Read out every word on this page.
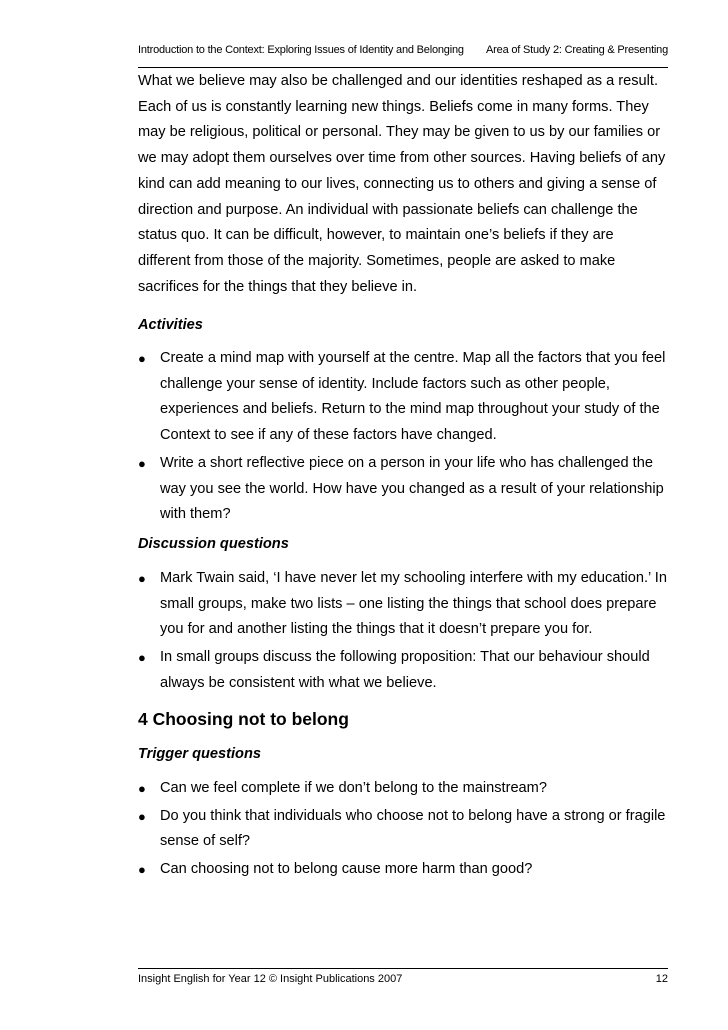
Introduction to the Context: Exploring Issues of Identity and Belonging Area of Study 2: Creating & Presenting

What we believe may also be challenged and our identities reshaped as a result. Each of us is constantly learning new things. Beliefs come in many forms. They may be religious, political or personal. They may be given to us by our families or we may adopt them ourselves over time from other sources. Having beliefs of any kind can add meaning to our lives, connecting us to others and giving a sense of direction and purpose. An individual with passionate beliefs can challenge the status quo. It can be difficult, however, to maintain one’s beliefs if they are different from those of the majority. Sometimes, people are asked to make sacrifices for the things that they believe in.

Activities
● Create a mind map with yourself at the centre. Map all the factors that you feel challenge your sense of identity. Include factors such as other people, experiences and beliefs. Return to the mind map throughout your study of the Context to see if any of these factors have changed.
● Write a short reflective piece on a person in your life who has challenged the way you see the world. How have you changed as a result of your relationship with them?
Discussion questions
● Mark Twain said, ‘I have never let my schooling interfere with my education.’ In small groups, make two lists – one listing the things that school does prepare you for and another listing the things that it doesn’t prepare you for.
● In small groups discuss the following proposition: That our behaviour should always be consistent with what we believe.
4 Choosing not to belong
Trigger questions
● Can we feel complete if we don’t belong to the mainstream?
● Do you think that individuals who choose not to belong have a strong or fragile sense of self?
● Can choosing not to belong cause more harm than good?
Insight English for Year 12 © Insight Publications 2007	12
